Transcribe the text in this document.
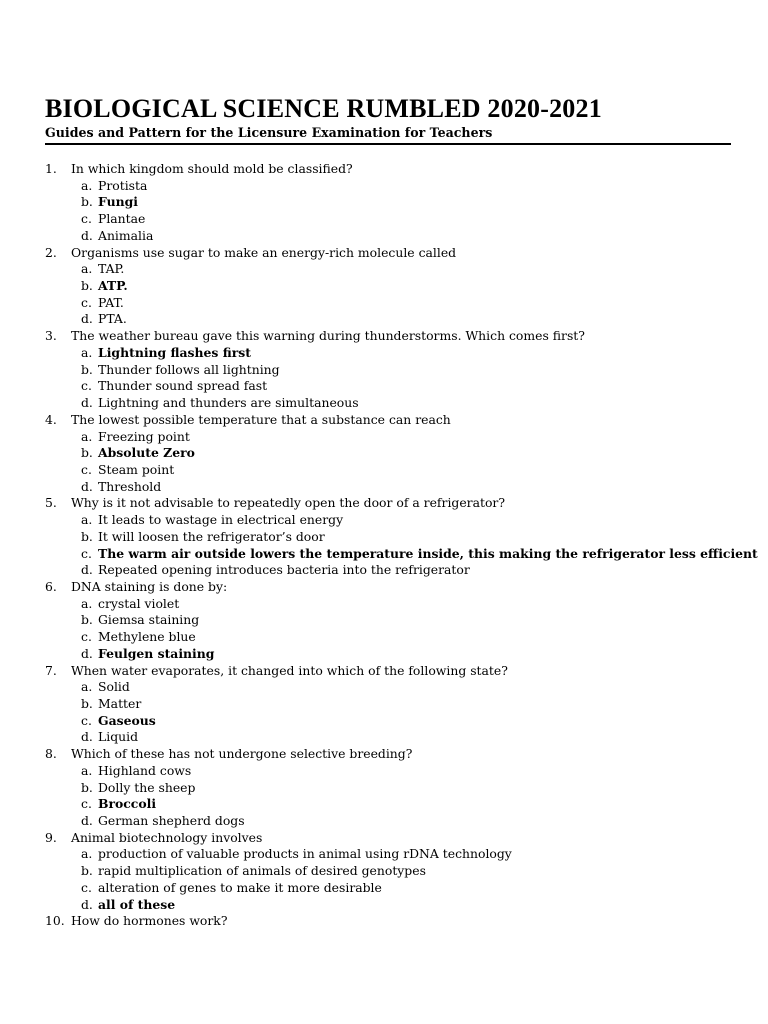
BIOLOGICAL SCIENCE RUMBLED 2020-2021
Guides and Pattern for the Licensure Examination for Teachers
1. In which kingdom should mold be classified?
a. Protista
b. Fungi
c. Plantae
d. Animalia
2. Organisms use sugar to make an energy-rich molecule called
a. TAP.
b. ATP.
c. PAT.
d. PTA.
3. The weather bureau gave this warning during thunderstorms. Which comes first?
a. Lightning flashes first
b. Thunder follows all lightning
c. Thunder sound spread fast
d. Lightning and thunders are simultaneous
4. The lowest possible temperature that a substance can reach
a. Freezing point
b. Absolute Zero
c. Steam point
d. Threshold
5. Why is it not advisable to repeatedly open the door of a refrigerator?
a. It leads to wastage in electrical energy
b. It will loosen the refrigerator’s door
c. The warm air outside lowers the temperature inside, this making the refrigerator less efficient
d. Repeated opening introduces bacteria into the refrigerator
6. DNA staining is done by:
a. crystal violet
b. Giemsa staining
c. Methylene blue
d. Feulgen staining
7. When water evaporates, it changed into which of the following state?
a. Solid
b. Matter
c. Gaseous
d. Liquid
8. Which of these has not undergone selective breeding?
a. Highland cows
b. Dolly the sheep
c. Broccoli
d. German shepherd dogs
9. Animal biotechnology involves
a. production of valuable products in animal using rDNA technology
b. rapid multiplication of animals of desired genotypes
c. alteration of genes to make it more desirable
d. all of these
10. How do hormones work?
